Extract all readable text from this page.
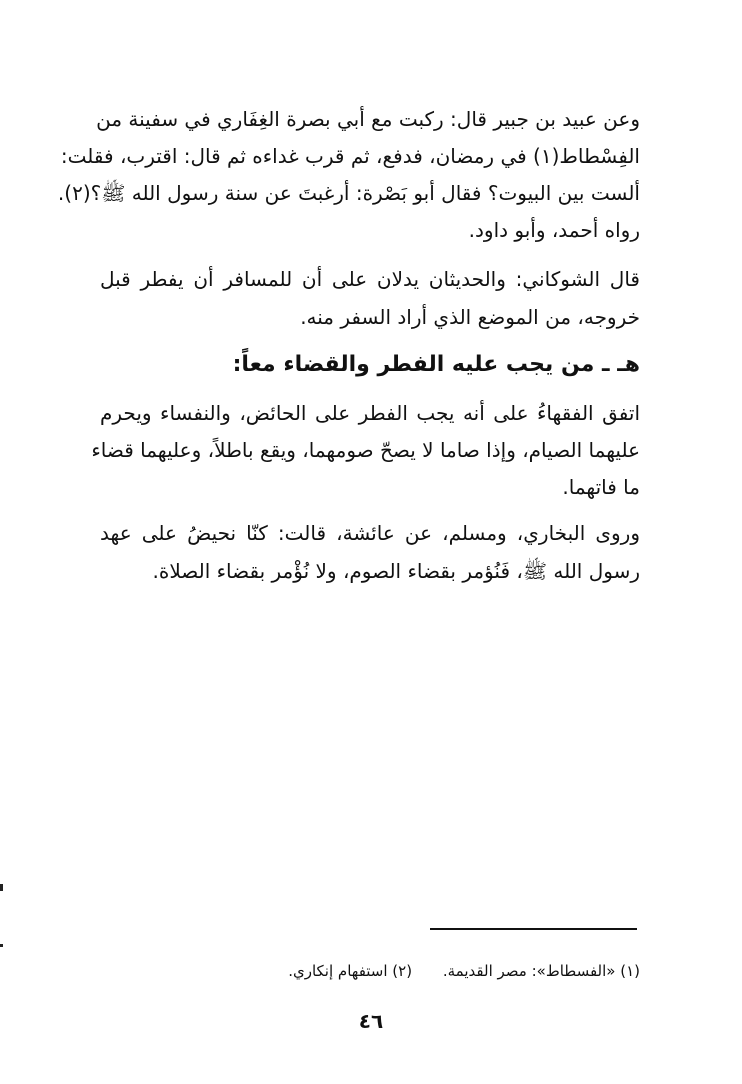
وعن عبيد بن جبير قال: ركبت مع أبي بصرة الغِفَاري في سفينة من
الفِسْطاط(١) في رمضان، فدفع، ثم قرب غداءه ثم قال: اقترب، فقلت:
ألست بين البيوت؟ فقال أبو بَصْرة: أرغبتَ عن سنة رسول الله ﷺ؟(٢).
رواه أحمد، وأبو داود.
قال الشوكاني: والحديثان يدلان على أن للمسافر أن يفطر قبل
خروجه، من الموضع الذي أراد السفر منه.
هـ ـ من يجب عليه الفطر والقضاء معاً:
اتفق الفقهاءُ على أنه يجب الفطر على الحائض، والنفساء ويحرم
عليهما الصيام، وإذا صاما لا يصحّ صومهما، ويقع باطلاً، وعليهما قضاء
ما فاتهما.
وروى البخاري، ومسلم، عن عائشة، قالت: كنّا نحيضُ على عهد
رسول الله ﷺ، فَنُؤمر بقضاء الصوم، ولا نُؤْمر بقضاء الصلاة.
(١) «الفسطاط»: مصر القديمة. (٢) استفهام إنكاري.
٤٦
